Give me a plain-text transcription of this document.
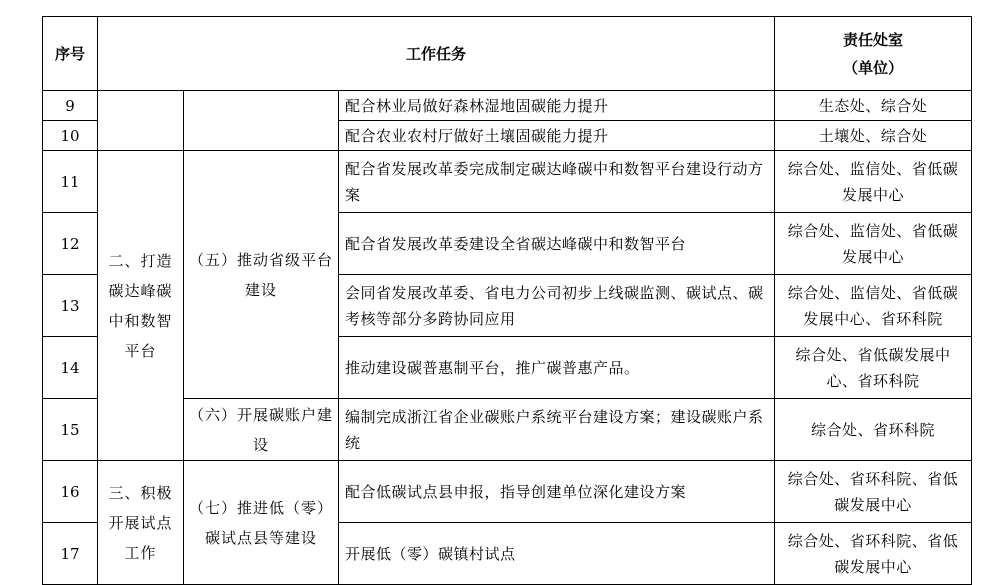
序号	工作任务			责任处室
（单位）

9			配合林业局做好森林湿地固碳能力提升	生态处、综合处
10			配合农业农村厅做好土壤固碳能力提升	土壤处、综合处
11	二、打造碳达峰碳中和数智平台	（五）推动省级平台建设	配合省发展改革委完成制定碳达峰碳中和数智平台建设行动方案	综合处、监信处、省低碳发展中心
12			配合省发展改革委建设全省碳达峰碳中和数智平台	综合处、监信处、省低碳发展中心
13			会同省发展改革委、省电力公司初步上线碳监测、碳试点、碳考核等部分多跨协同应用	综合处、监信处、省低碳发展中心、省环科院
14			推动建设碳普惠制平台，推广碳普惠产品。	综合处、省低碳发展中心、省环科院
15		（六）开展碳账户建设	编制完成浙江省企业碳账户系统平台建设方案；建设碳账户系统	综合处、省环科院
16	三、积极开展试点工作	（七）推进低（零）碳试点县等建设	配合低碳试点县申报，指导创建单位深化建设方案	综合处、省环科院、省低碳发展中心
17			开展低（零）碳镇村试点	综合处、省环科院、省低碳发展中心
